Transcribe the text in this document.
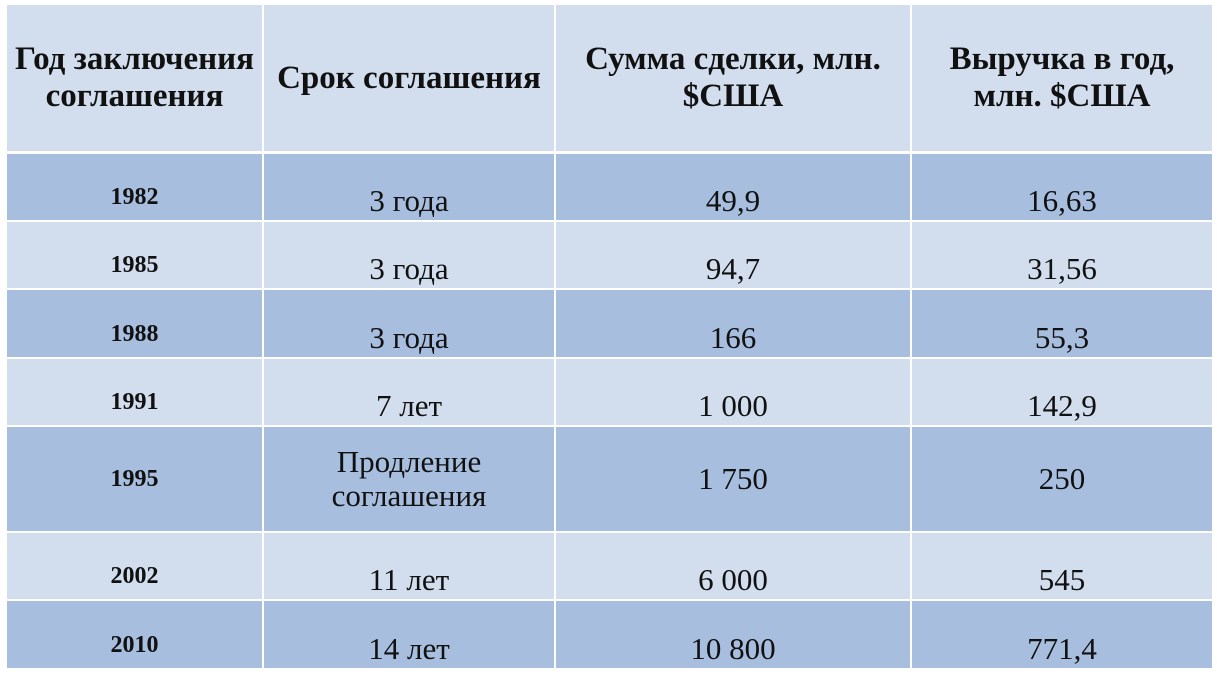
Год заключения соглашения	Срок соглашения	Сумма сделки, млн. $США	Выручка в год, млн. $США
1982	3 года	49,9	16,63
1985	3 года	94,7	31,56
1988	3 года	166	55,3
1991	7 лет	1 000	142,9
1995	Продление соглашения	1 750	250
2002	11 лет	6 000	545
2010	14 лет	10 800	771,4
